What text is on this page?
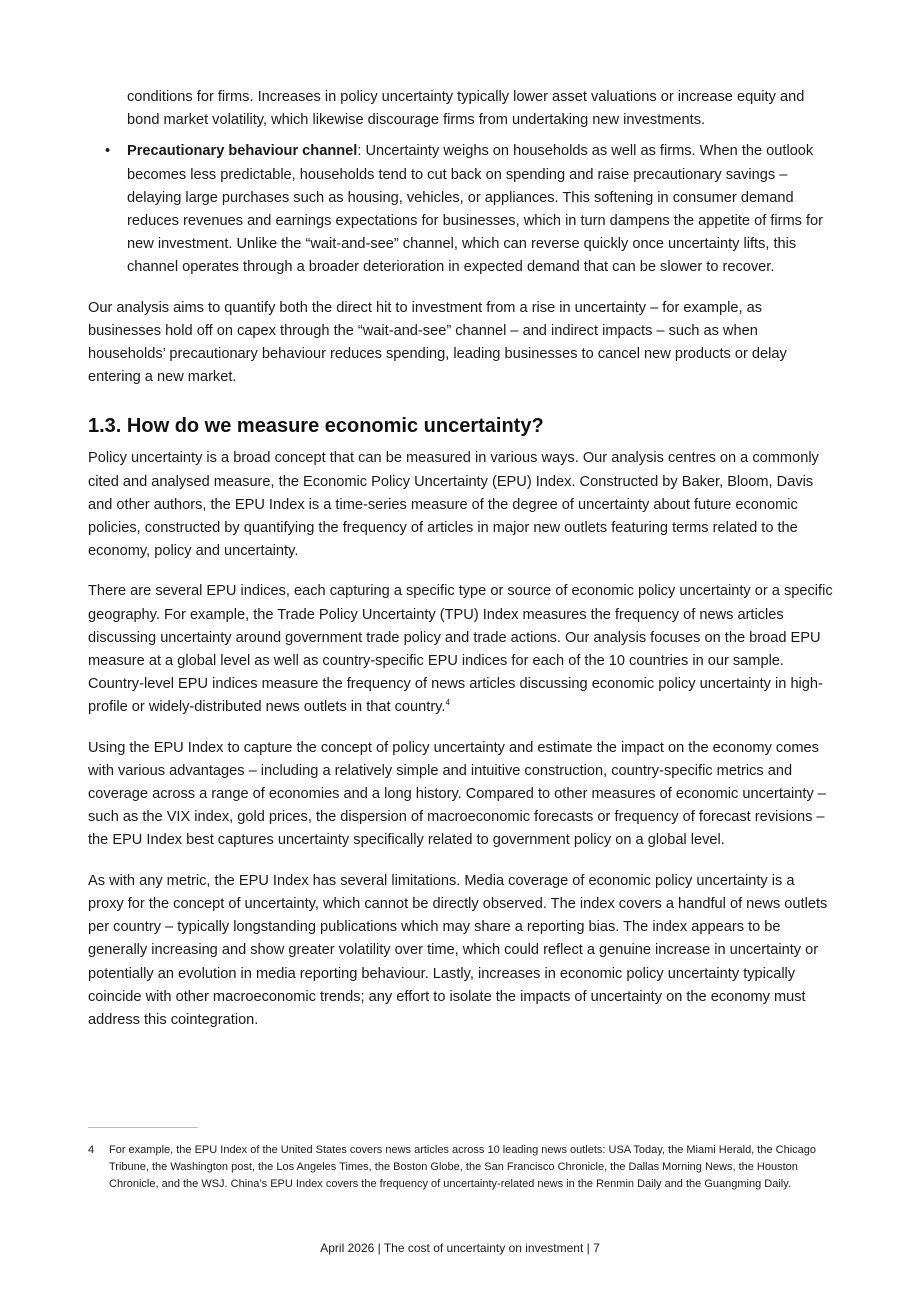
conditions for firms. Increases in policy uncertainty typically lower asset valuations or increase equity and bond market volatility, which likewise discourage firms from undertaking new investments.

• Precautionary behaviour channel: Uncertainty weighs on households as well as firms. When the outlook becomes less predictable, households tend to cut back on spending and raise precautionary savings – delaying large purchases such as housing, vehicles, or appliances. This softening in consumer demand reduces revenues and earnings expectations for businesses, which in turn dampens the appetite of firms for new investment. Unlike the “wait-and-see” channel, which can reverse quickly once uncertainty lifts, this channel operates through a broader deterioration in expected demand that can be slower to recover.

Our analysis aims to quantify both the direct hit to investment from a rise in uncertainty – for example, as businesses hold off on capex through the “wait-and-see” channel – and indirect impacts – such as when households’ precautionary behaviour reduces spending, leading businesses to cancel new products or delay entering a new market.

1.3. How do we measure economic uncertainty?

Policy uncertainty is a broad concept that can be measured in various ways. Our analysis centres on a commonly cited and analysed measure, the Economic Policy Uncertainty (EPU) Index. Constructed by Baker, Bloom, Davis and other authors, the EPU Index is a time-series measure of the degree of uncertainty about future economic policies, constructed by quantifying the frequency of articles in major new outlets featuring terms related to the economy, policy and uncertainty.

There are several EPU indices, each capturing a specific type or source of economic policy uncertainty or a specific geography. For example, the Trade Policy Uncertainty (TPU) Index measures the frequency of news articles discussing uncertainty around government trade policy and trade actions. Our analysis focuses on the broad EPU measure at a global level as well as country-specific EPU indices for each of the 10 countries in our sample. Country-level EPU indices measure the frequency of news articles discussing economic policy uncertainty in high-profile or widely-distributed news outlets in that country.$^4$

Using the EPU Index to capture the concept of policy uncertainty and estimate the impact on the economy comes with various advantages – including a relatively simple and intuitive construction, country-specific metrics and coverage across a range of economies and a long history. Compared to other measures of economic uncertainty – such as the VIX index, gold prices, the dispersion of macroeconomic forecasts or frequency of forecast revisions – the EPU Index best captures uncertainty specifically related to government policy on a global level.

As with any metric, the EPU Index has several limitations. Media coverage of economic policy uncertainty is a proxy for the concept of uncertainty, which cannot be directly observed. The index covers a handful of news outlets per country – typically longstanding publications which may share a reporting bias. The index appears to be generally increasing and show greater volatility over time, which could reflect a genuine increase in uncertainty or potentially an evolution in media reporting behaviour. Lastly, increases in economic policy uncertainty typically coincide with other macroeconomic trends; any effort to isolate the impacts of uncertainty on the economy must address this cointegration.

4	For example, the EPU Index of the United States covers news articles across 10 leading news outlets: USA Today, the Miami Herald, the Chicago Tribune, the Washington post, the Los Angeles Times, the Boston Globe, the San Francisco Chronicle, the Dallas Morning News, the Houston Chronicle, and the WSJ. China’s EPU Index covers the frequency of uncertainty-related news in the Renmin Daily and the Guangming Daily.
April 2026 | The cost of uncertainty on investment | 7
